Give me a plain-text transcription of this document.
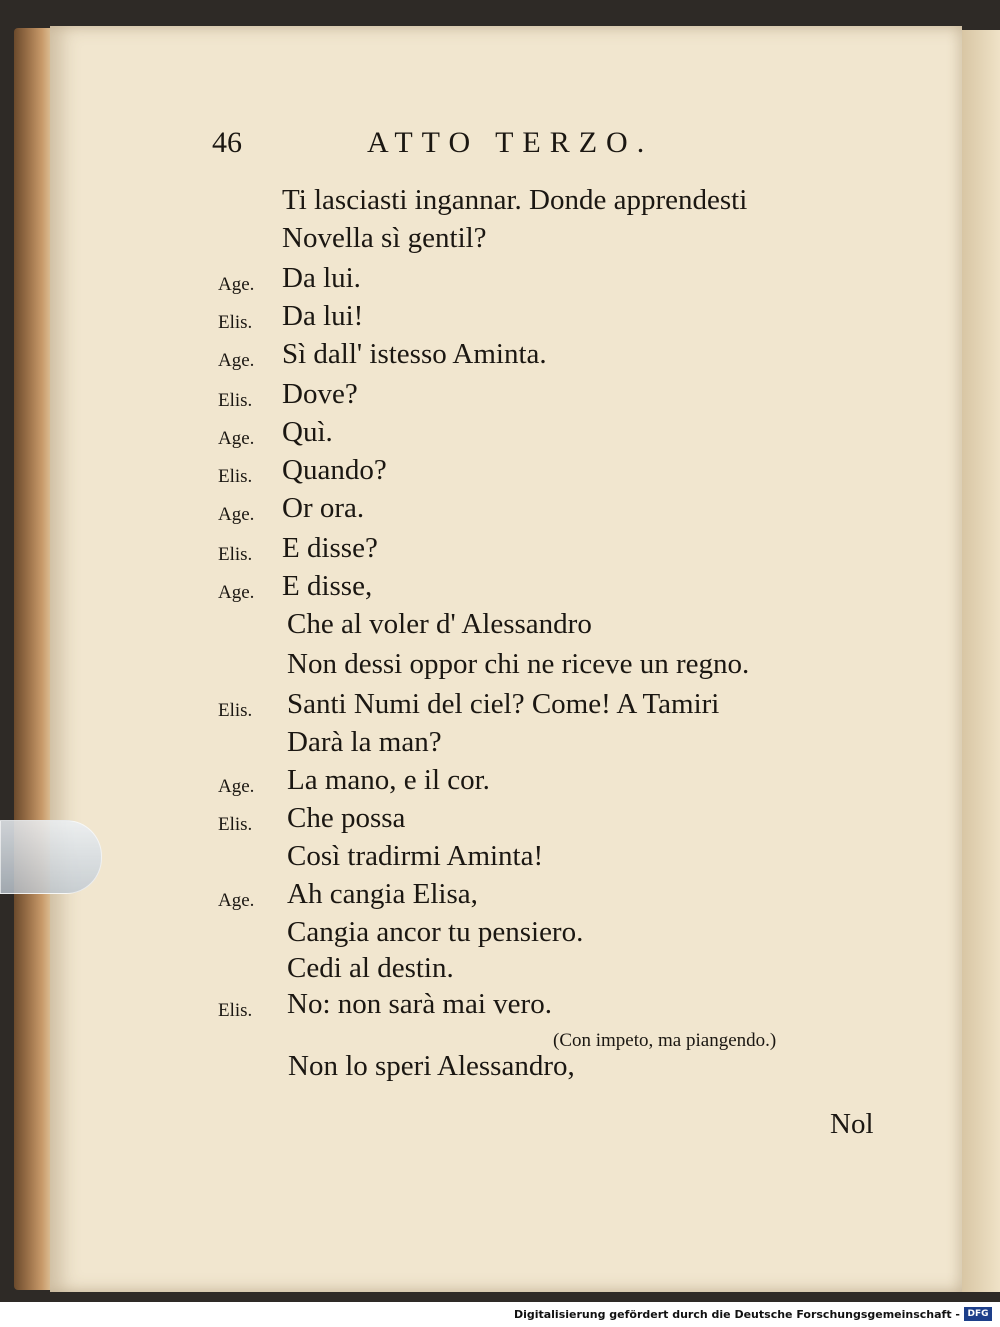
46	ATTO TERZO.
Ti lasciasti ingannar. Donde apprendesti
Novella sì gentil?
Age. Da lui.
Elis. Da lui!
Age. Sì dall' istesso Aminta.
Elis. Dove?
Age. Quì.
Elis. Quando?
Age. Or ora.
Elis. E disse?
Age. E disse,
Che al voler d' Alessandro
Non dessi oppor chi ne riceve un regno.
Elis. Santi Numi del ciel? Come! A Tamiri
Darà la man?
Age. La mano, e il cor.
Elis. Che possa
Così tradirmi Aminta!
Age. Ah cangia Elisa,
Cangia ancor tu pensiero.
Cedi al destin.
Elis. No: non sarà mai vero.
(Con impeto, ma piangendo.)
Non lo speri Alessandro,
Nol
Digitalisierung gefördert durch die Deutsche Forschungsgemeinschaft - DFG
